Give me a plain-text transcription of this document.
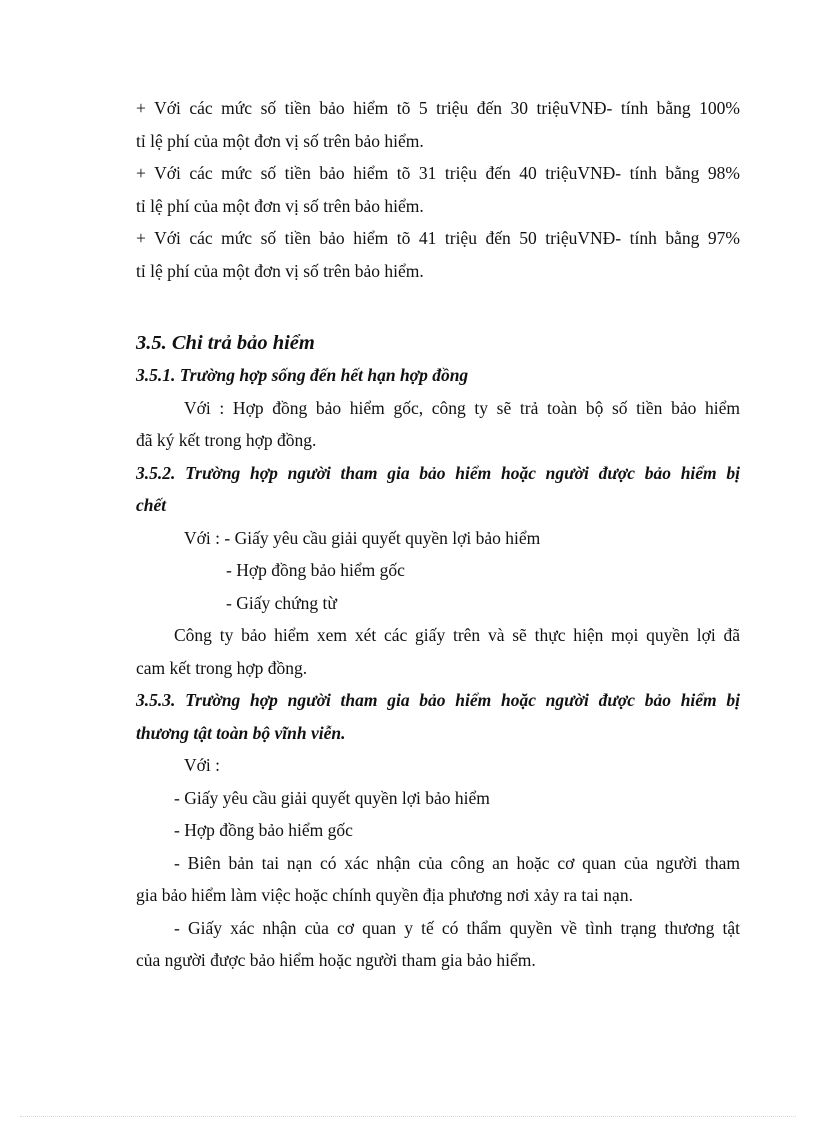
+ Với các mức số tiền bảo hiểm tõ 5 triệu đến 30 triệuVNĐ- tính bằng 100%
tỉ lệ phí của một đơn vị số trên bảo hiểm.
+ Với các mức số tiền bảo hiểm tõ 31 triệu đến 40 triệuVNĐ- tính bằng 98%
tỉ lệ phí của một đơn vị số trên bảo hiểm.
+ Với các mức số tiền bảo hiểm tõ 41 triệu đến 50 triệuVNĐ- tính bằng 97%
tỉ lệ phí của một đơn vị số trên bảo hiểm.
3.5. Chi trả bảo hiểm
3.5.1. Trường hợp sống đến hết hạn hợp đồng
Với : Hợp đồng bảo hiểm gốc, công ty sẽ trả toàn bộ số tiền bảo hiểm
đã ký kết trong hợp đồng.
3.5.2. Trường hợp người tham gia bảo hiểm hoặc người được bảo hiểm bị
chết
Với : - Giấy yêu cầu giải quyết quyền lợi bảo hiểm
- Hợp đồng bảo hiểm gốc
- Giấy chứng từ
Công ty bảo hiểm xem xét các giấy trên và sẽ thực hiện mọi quyền lợi đã
cam kết trong hợp đồng.
3.5.3. Trường hợp người tham gia bảo hiểm hoặc người được bảo hiểm bị
thương tật toàn bộ vĩnh viễn.
Với :
- Giấy yêu cầu giải quyết quyền lợi bảo hiểm
- Hợp đồng bảo hiểm gốc
- Biên bản tai nạn có xác nhận của công an hoặc cơ quan của người tham
gia bảo hiểm làm việc hoặc chính quyền địa phương nơi xảy ra tai nạn.
- Giấy xác nhận của cơ quan y tế có thẩm quyền về tình trạng thương tật
của người được bảo hiểm hoặc người tham gia bảo hiểm.
